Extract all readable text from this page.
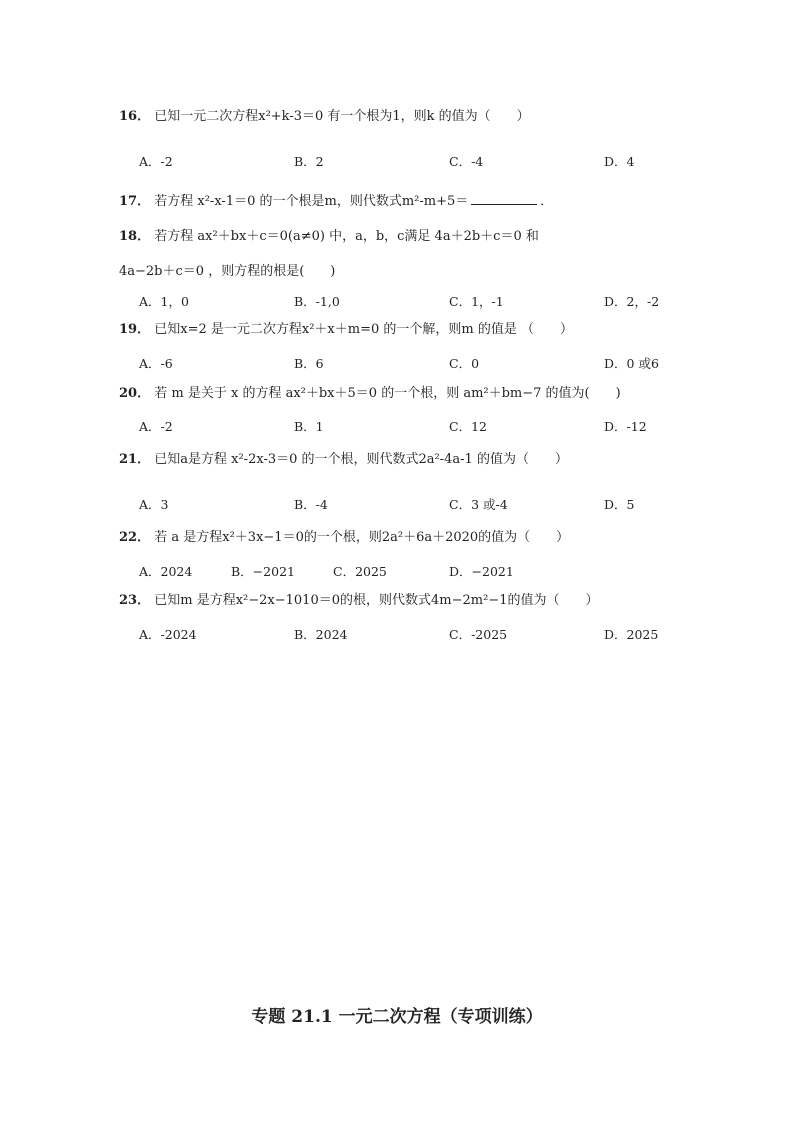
16． 已知一元二次方程x²+k-3＝0 有一个根为1，则k 的值为（　　）
A．-2	B．2	C．-4	D．4
17． 若方程 x²-x-1＝0 的一个根是m，则代数式m²-m+5＝	．
18． 若方程 ax²＋bx＋c＝0(a≠0) 中，a，b，c满足 4a＋2b＋c＝0 和
4a−2b＋c＝0 ，则方程的根是(　　)
A．1，0	B．-1,0	C．1，-1	D．2，-2
19． 已知x=2 是一元二次方程x²＋x＋m=0 的一个解，则m 的值是 （　　）
A．-6	B．6	C．0	D．0 或6
20． 若 m 是关于 x 的方程 ax²＋bx＋5＝0 的一个根，则 am²＋bm−7 的值为(　　)
A．-2	B．1	C．12	D．-12
21． 已知a是方程 x²-2x-3＝0 的一个根，则代数式2a²-4a-1 的值为（　　）
A．3	B．-4	C．3 或-4	D．5
22． 若 a 是方程x²＋3x−1＝0的一个根，则2a²＋6a＋2020的值为（　　）
A．2024	B．−2021	C．2025	D．−2021
23． 已知m 是方程x²−2x−1010＝0的根，则代数式4m−2m²−1的值为（　　）
A．-2024	B．2024	C．-2025	D．2025
专题 21.1 一元二次方程（专项训练）
